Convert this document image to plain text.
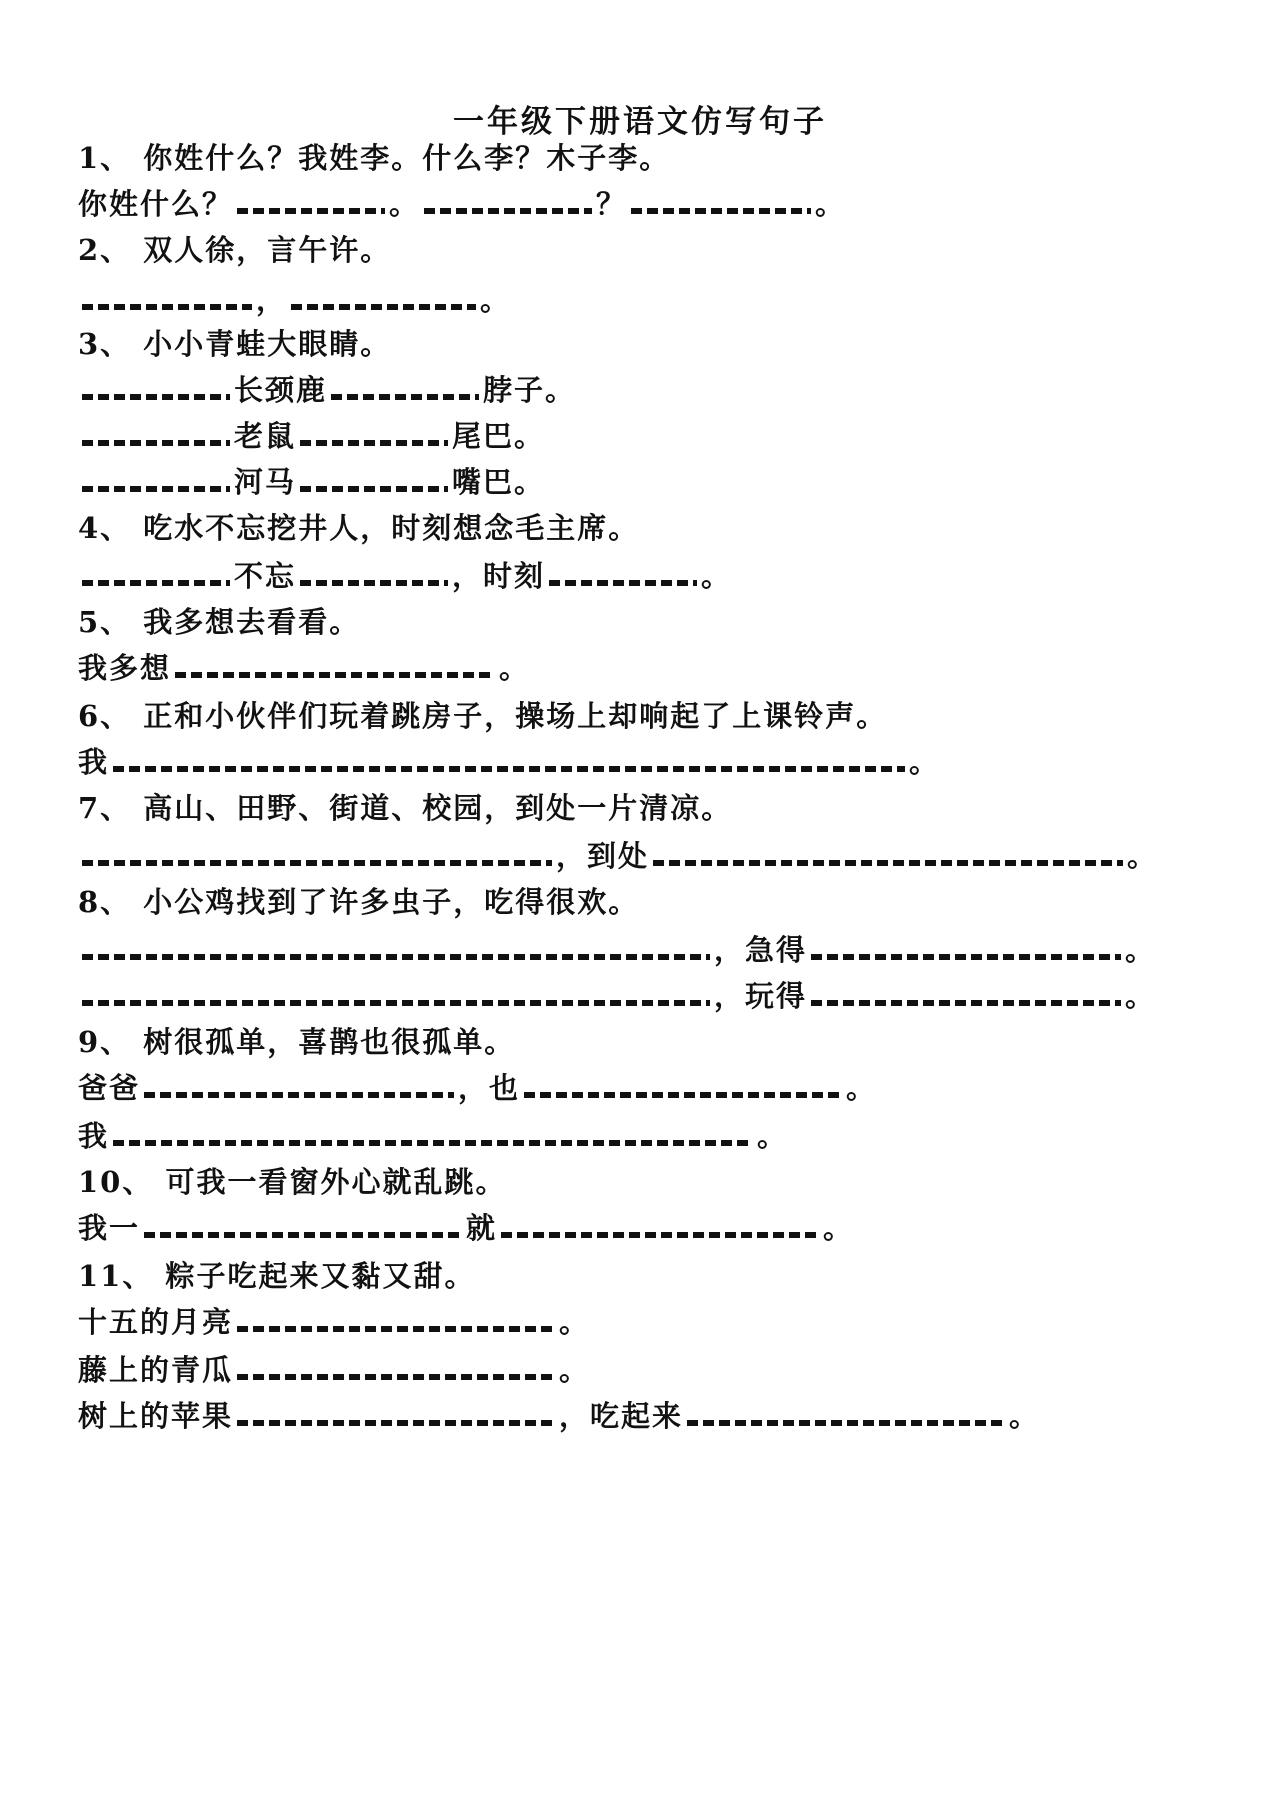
一年级下册语文仿写句子
1、 你姓什么？我姓李。什么李？木子李。
你姓什么？	。	？	。
2、 双人徐，言午许。
，	。
3、 小小青蛙大眼睛。
长颈鹿	脖子。
老鼠	尾巴。
河马	嘴巴。
4、 吃水不忘挖井人，时刻想念毛主席。
不忘	，时刻	。
5、 我多想去看看。
我多想	。
6、 正和小伙伴们玩着跳房子，操场上却响起了上课铃声。
我	。
7、 高山、田野、街道、校园，到处一片清凉。
，到处	。
8、 小公鸡找到了许多虫子，吃得很欢。
，急得	。
，玩得	。
9、 树很孤单，喜鹊也很孤单。
爸爸	，也	。
我	。
10、 可我一看窗外心就乱跳。
我一	就	。
11、 粽子吃起来又黏又甜。
十五的月亮	。
藤上的青瓜	。
树上的苹果	，吃起来	。
